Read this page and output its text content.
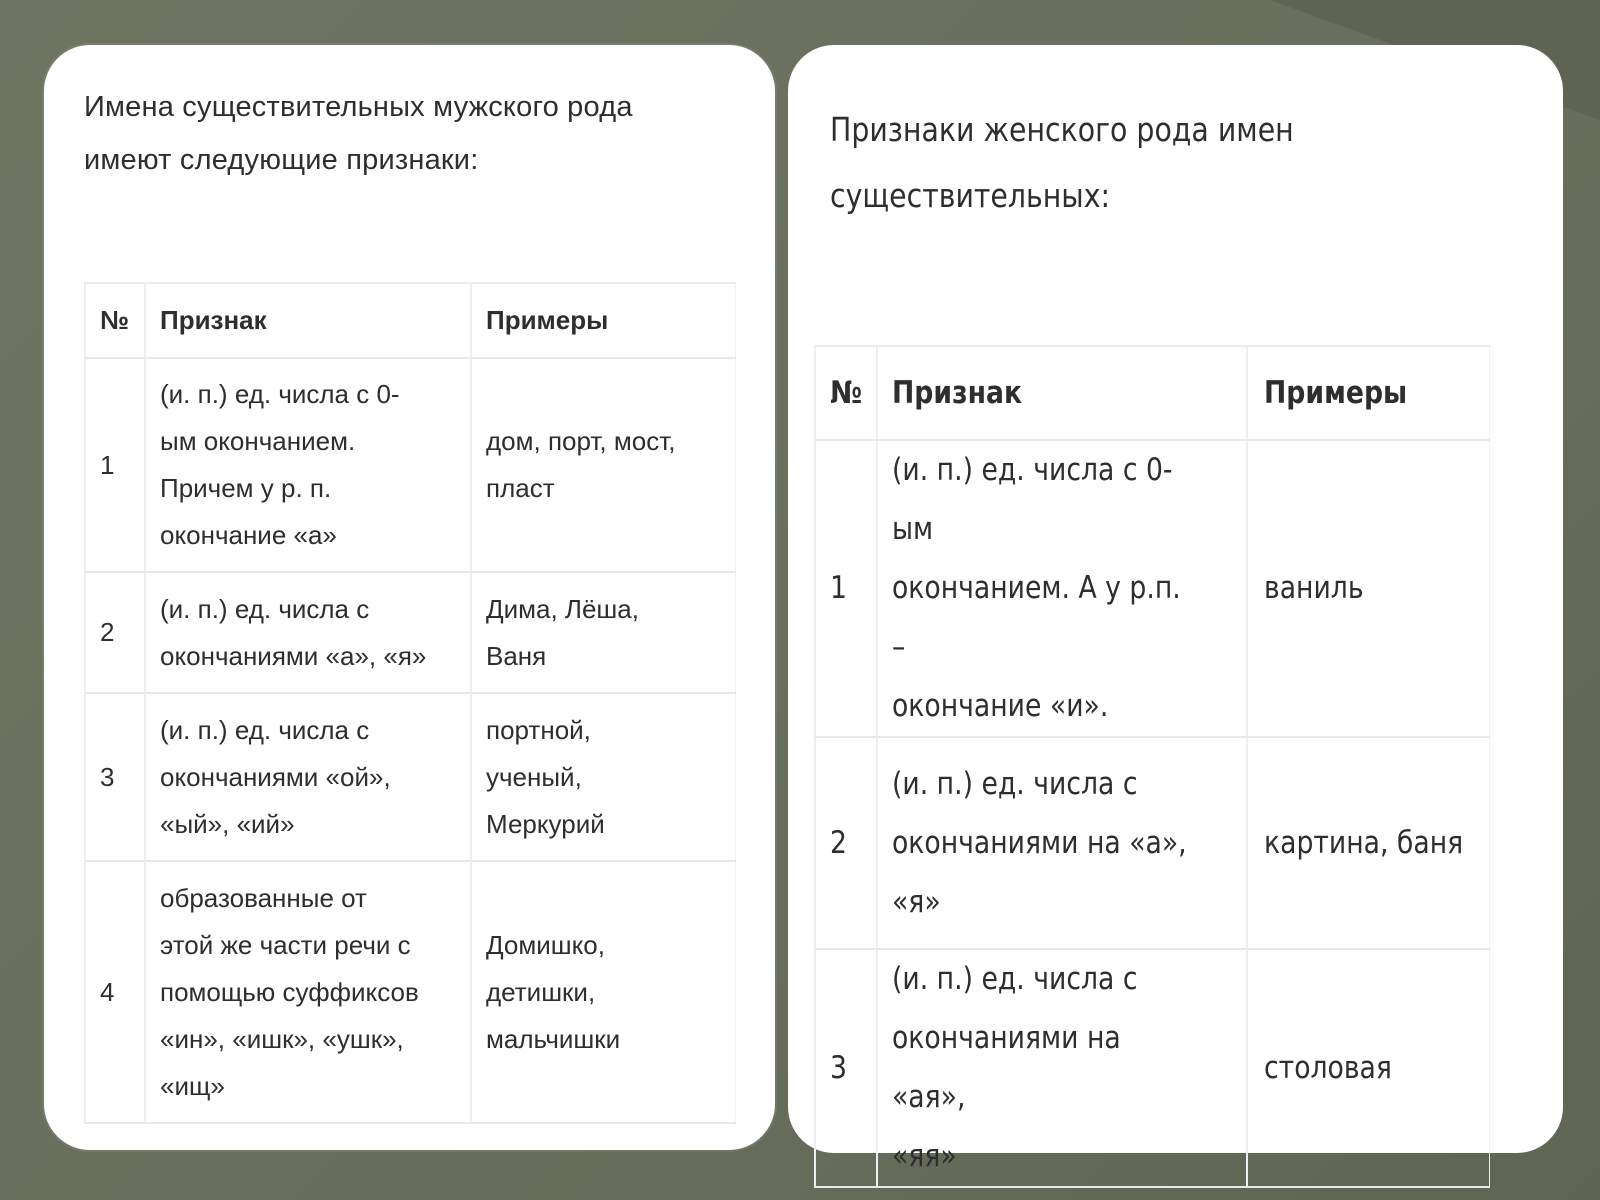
Имена существительных мужского рода
имеют следующие признаки:

№	Признак	Примеры

1	(и. п.) ед. числа с 0-
ым окончанием.
Причем у р. п.
окончание «а»	дом, порт, мост,
пласт

2	(и. п.) ед. числа с
окончаниями «а», «я»	Дима, Лёша,
Ваня

3	(и. п.) ед. числа с
окончаниями «ой»,
«ый», «ий»	портной,
ученый,
Меркурий

4	образованные от
этой же части речи с
помощью суффиксов
«ин», «ишк», «ушк»,
«ищ»	Домишко,
детишки,
мальчишки

Признаки женского рода имен
существительных:

№	Признак	Примеры
1	(и. п.) ед. числа с 0-ым
окончанием. А у р.п. –
окончание «и».	ваниль
2	(и. п.) ед. числа с
окончаниями на «а»,
«я»	картина, баня
3	(и. п.) ед. числа с
окончаниями на «ая»,
«яя»	столовая
